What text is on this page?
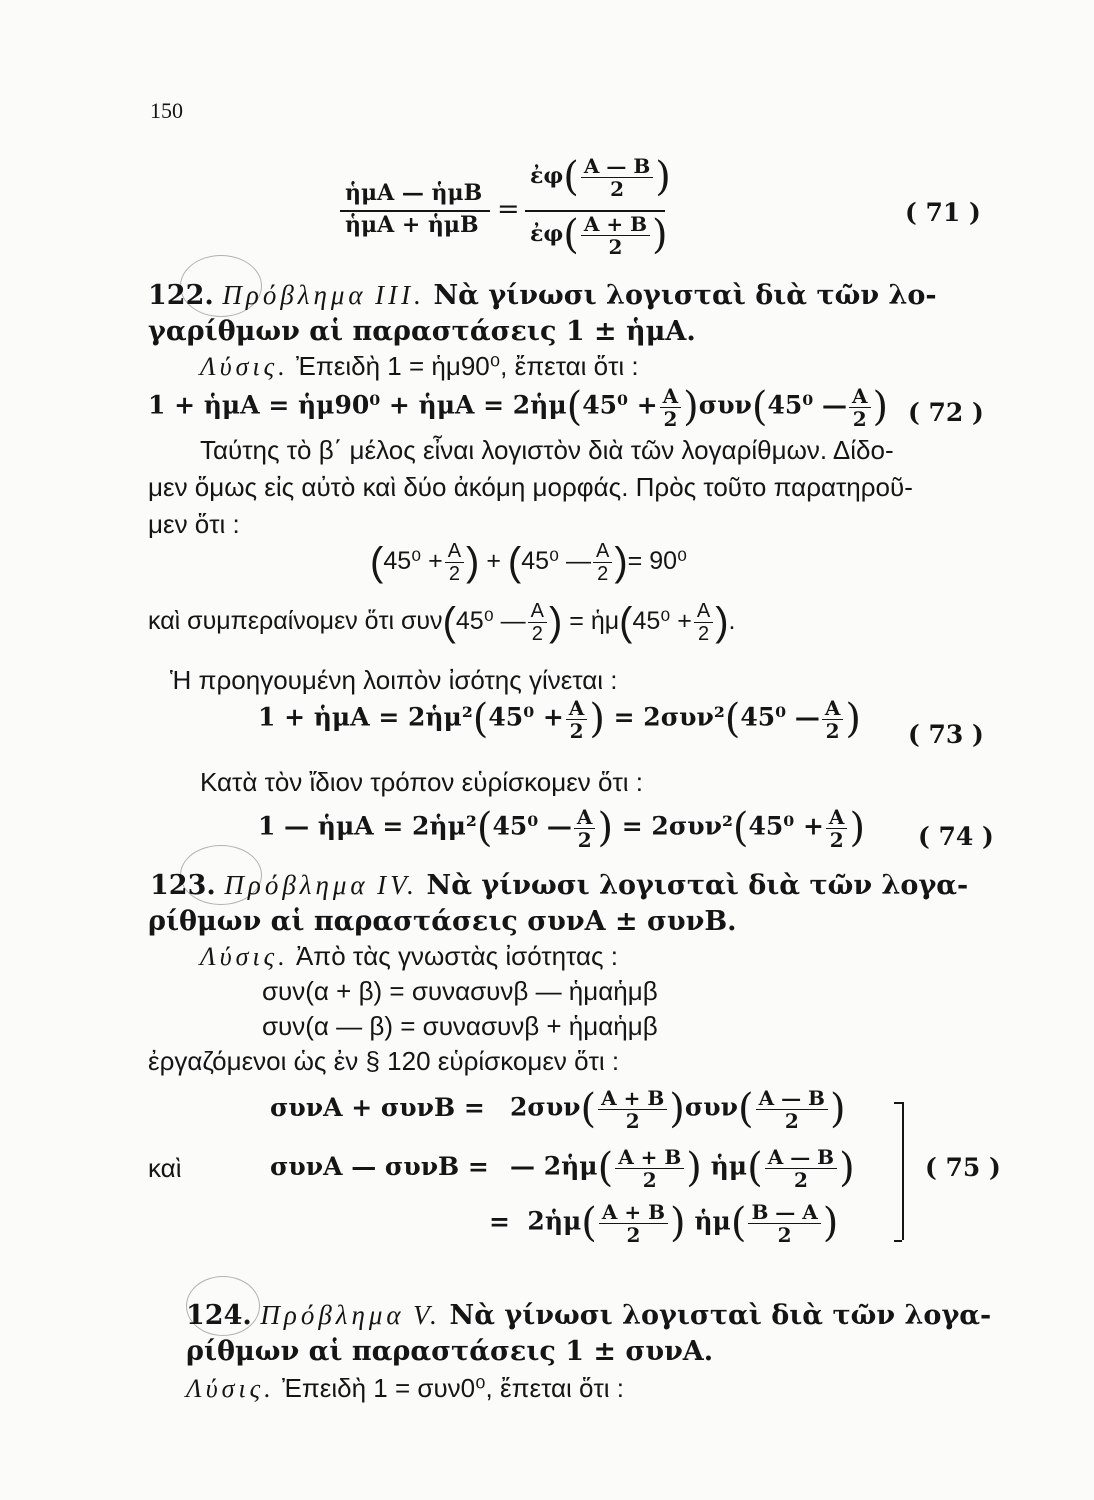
150
ἡμΑ — ἡμΒ
ἡμΑ + ἡμΒ =
ἐφ( $\frac{A — B}{2}$ )
ἐφ( $\frac{A + B}{2}$ )	( 71 )
122. Πρόβλημα III. Νὰ γίνωσι λογισταὶ διὰ τῶν λο-
γαρίθμων αἱ παραστάσεις 1 ± ἡμΑ.
Λύσις. Ἐπειδὴ 1 = ἡμ90⁰, ἔπεται ὅτι :
1 + ἡμΑ = ἡμ90⁰ + ἡμΑ = 2ἡμ(45⁰ + $\frac{A}{2} )\sigma\upsilon\nu(45^0$ — $\frac{A}{2}$ ) ( 72 )
Ταύτης τὸ β΄ μέλος εἶναι λογιστὸν διὰ τῶν λογαρίθμων. Δίδο-
μεν ὅμως εἰς αὐτὸ καὶ δύο ἀκόμη μορφάς. Πρὸς τοῦτο παρατηροῦ-
μεν ὅτι :
($45^0 + \frac{A}{2}$ ) + (45⁰ — $\frac{A}{2}$ )= 90⁰
καὶ συμπεραίνομεν ὅτι συν(45⁰ — $\frac{A}{2}$ ) = ἡμ(45⁰ + $\frac{A}{2}$ ).
Ἡ προηγουμένη λοιπὸν ἰσότης γίνεται :
1 + ἡμΑ = 2ἡμ²(45⁰ + $\frac{A}{2}$ ) = 2συν²(45⁰ — $\frac{A}{2}$ ) ( 73 )
Κατὰ τὸν ἴδιον τρόπον εὑρίσκομεν ὅτι :
1 — ἡμΑ = 2ἡμ²(45⁰ — $\frac{A}{2}$ ) = $2\sigma\upsilon\nu^2(45^0 + \frac{A}{2}$ ) ( 74 )
123. Πρόβλημα IV. Νὰ γίνωσι λογισταὶ διὰ τῶν λογα-
ρίθμων αἱ παραστάσεις συνΑ ± συνΒ.
Λύσις. Ἀπὸ τὰς γνωστὰς ἰσότητας :
συν(α + β) = συνασυνβ — ἡμαἡμβ
συν(α — β) = συνασυνβ + ἡμαἡμβ
ἐργαζόμενοι ὡς ἐν § 120 εὑρίσκομεν ὅτι :
καὶ
$\sigma\upsilon\nu A + \sigma\upsilon\nu B = 2\sigma\upsilon\nu( \frac{A + B}{2} )\sigma\upsilon\nu( \frac{A — B}{2}$ )
συνΑ — συνΒ = — 2ἡμ( $\frac{A + B}{2}$ ) ἡμ( $\frac{A — B}{2}$ )
= 2ἡμ( $\frac{A + B}{2}$ ) ἡμ( $\frac{B — A}{2}$ )
( 75 )
124. Πρόβλημα V. Νὰ γίνωσι λογισταὶ διὰ τῶν λογα-
ρίθμων αἱ παραστάσεις 1 ± συνΑ.
Λύσις. Ἐπειδὴ 1 = συν0⁰, ἔπεται ὅτι :
